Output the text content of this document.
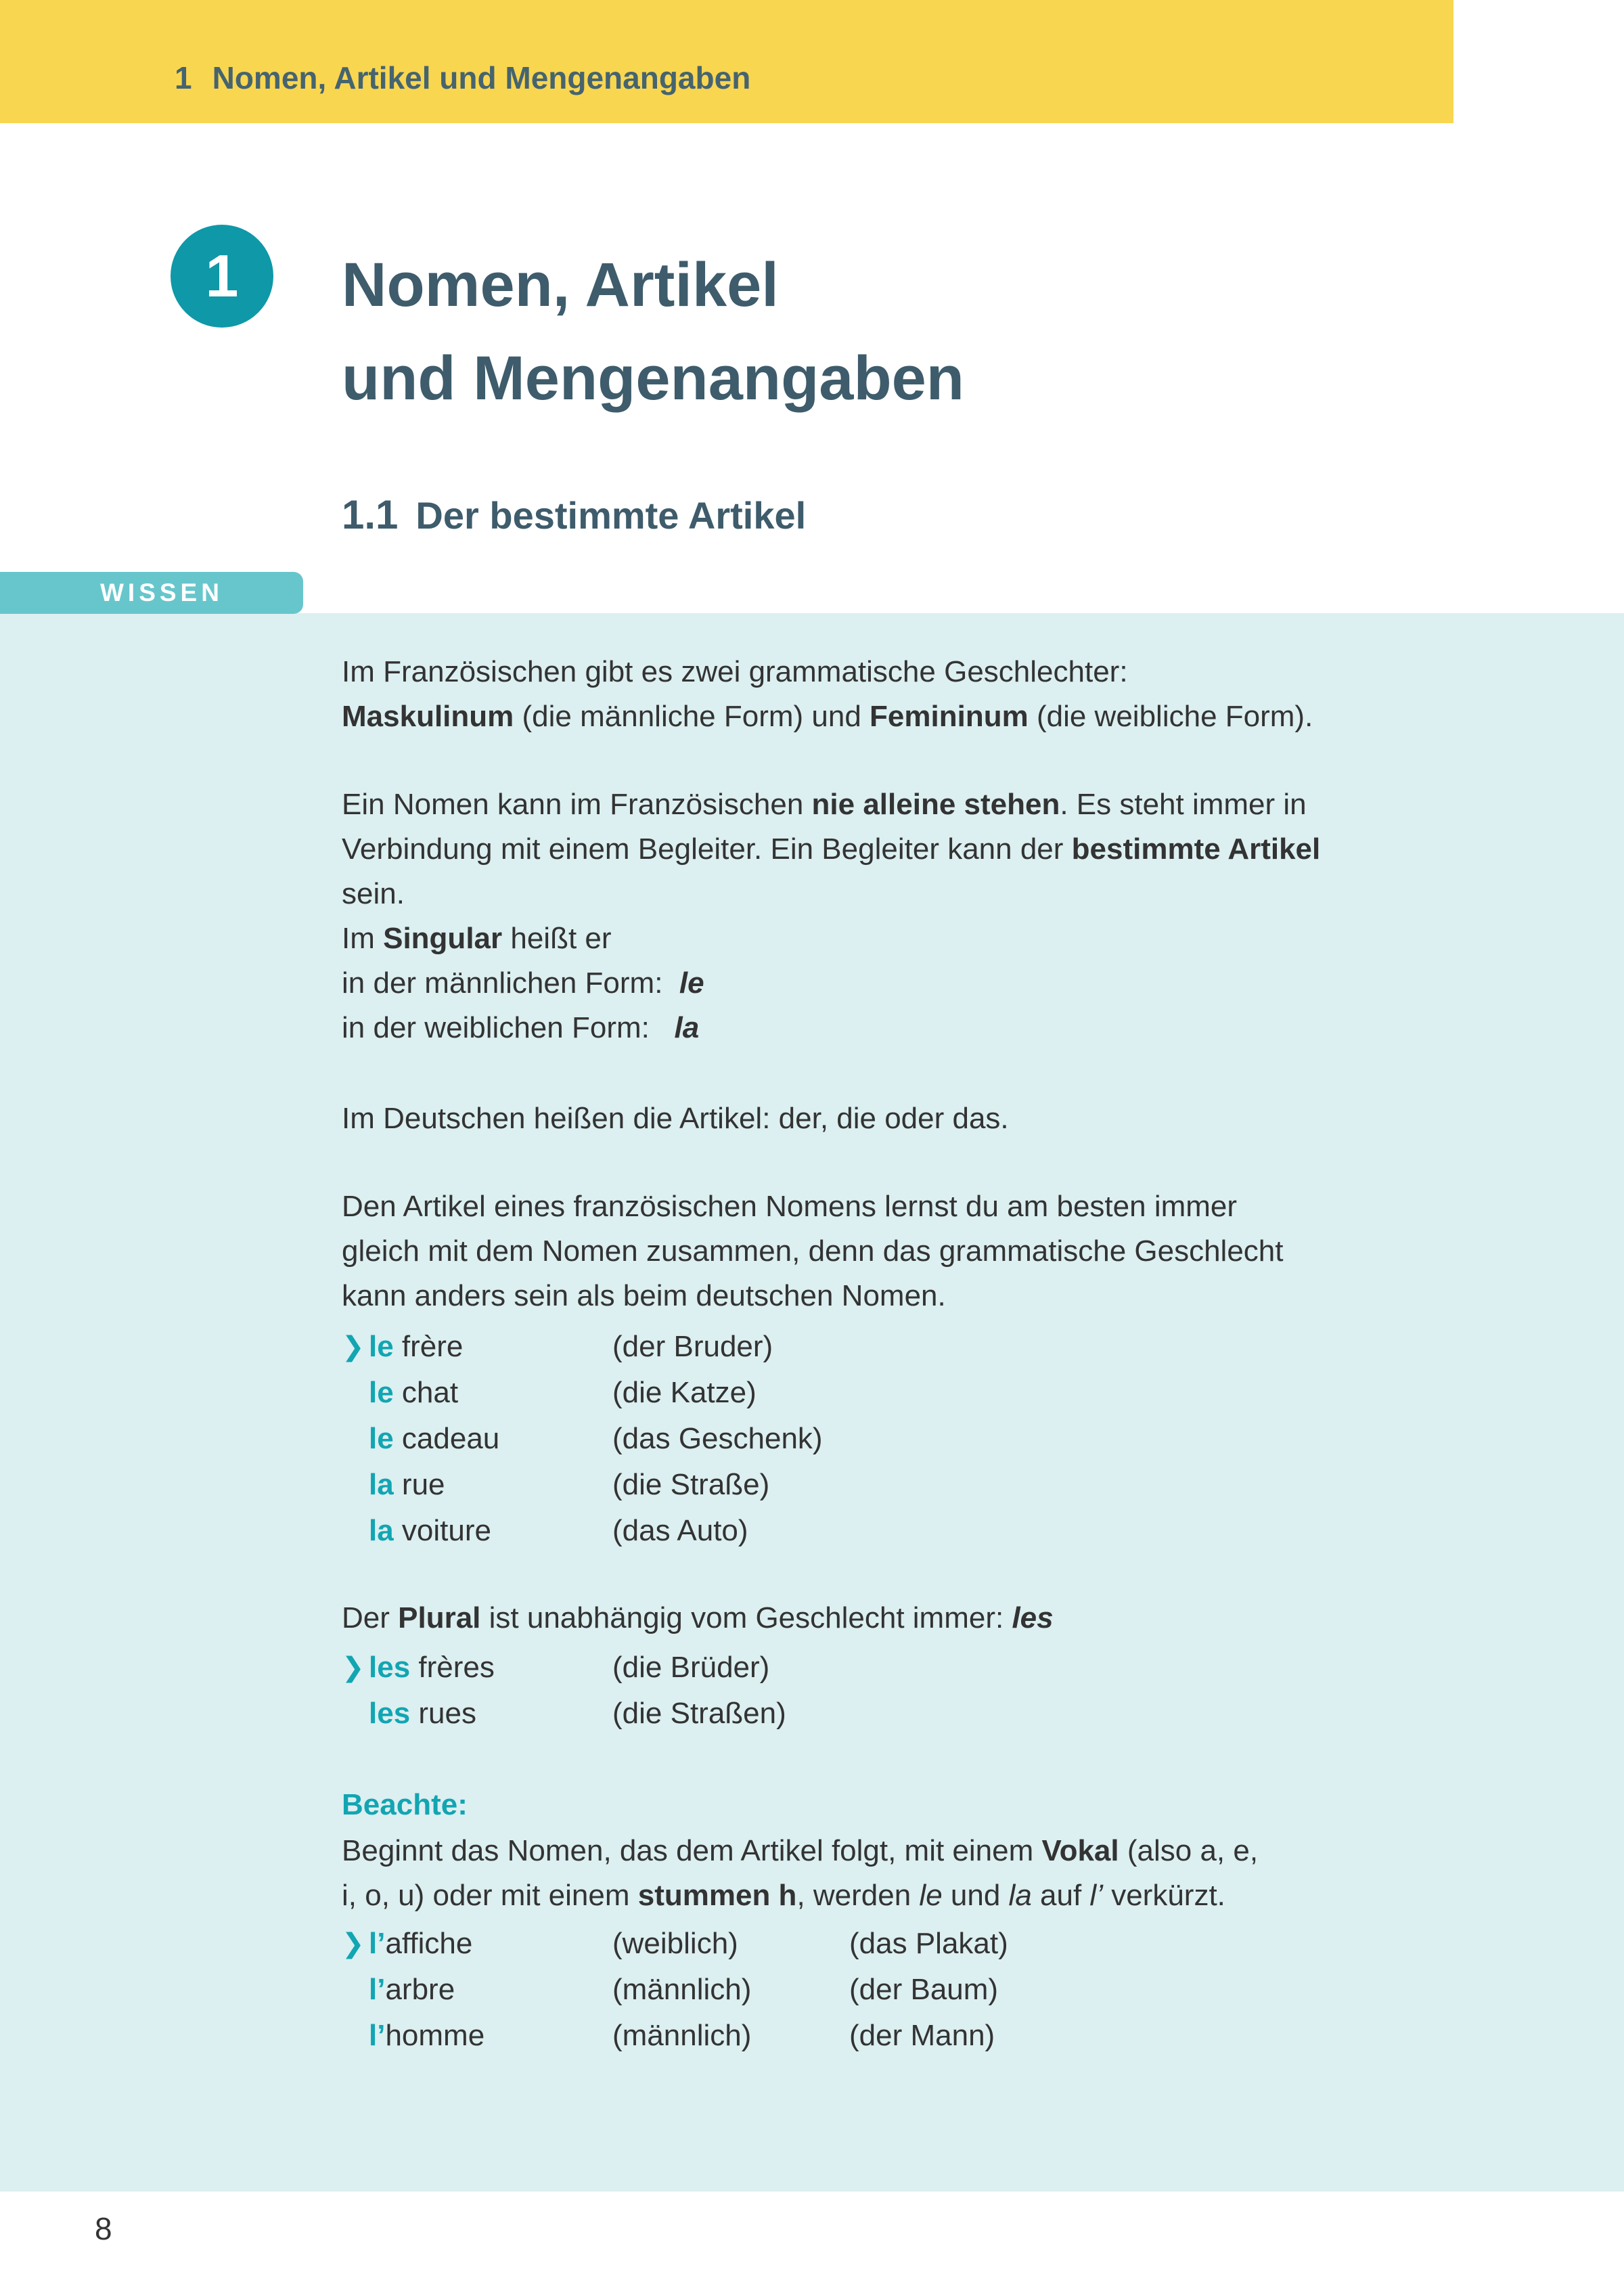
1 Nomen, Artikel und Mengenangaben
1 Nomen, Artikel
und Mengenangaben
1.1 Der bestimmte Artikel
WISSEN
Im Französischen gibt es zwei grammatische Geschlechter:
Maskulinum (die männliche Form) und Femininum (die weibliche Form).
Ein Nomen kann im Französischen nie alleine stehen. Es steht immer in
Verbindung mit einem Begleiter. Ein Begleiter kann der bestimmte Artikel
sein.
Im Singular heißt er
in der männlichen Form:  le
in der weiblichen Form:   la
Im Deutschen heißen die Artikel: der, die oder das.
Den Artikel eines französischen Nomens lernst du am besten immer
gleich mit dem Nomen zusammen, denn das grammatische Geschlecht
kann anders sein als beim deutschen Nomen.
❯ le frère	(der Bruder)
le chat	(die Katze)
le cadeau	(das Geschenk)
la rue	(die Straße)
la voiture	(das Auto)
Der Plural ist unabhängig vom Geschlecht immer: les
❯ les frères	(die Brüder)
les rues	(die Straßen)
Beachte:
Beginnt das Nomen, das dem Artikel folgt, mit einem Vokal (also a, e,
i, o, u) oder mit einem stummen h, werden le und la auf l’ verkürzt.
❯ l’affiche	(weiblich)	(das Plakat)
l’arbre	(männlich)	(der Baum)
l’homme	(männlich)	(der Mann)
8
